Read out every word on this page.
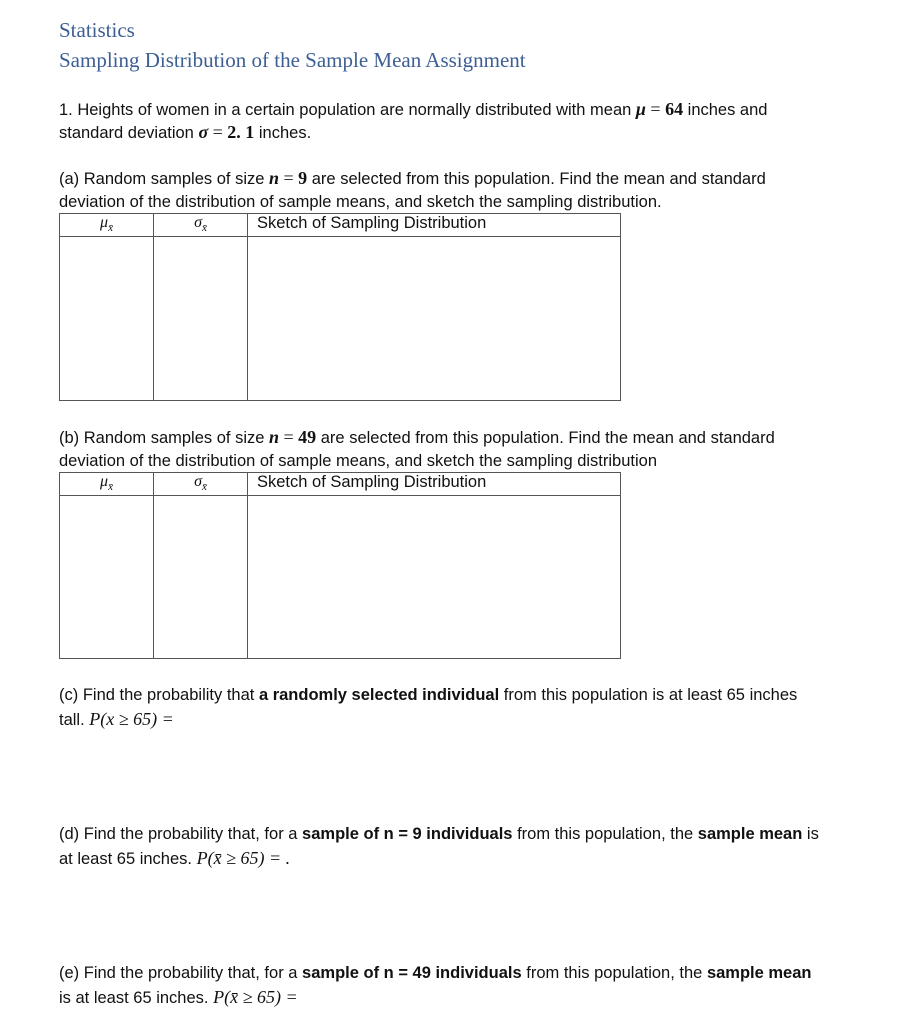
Statistics
Sampling Distribution of the Sample Mean Assignment
1. Heights of women in a certain population are normally distributed with mean μ = 64 inches and
standard deviation σ = 2. 1 inches.
(a) Random samples of size n = 9 are selected from this population. Find the mean and standard
deviation of the distribution of sample means, and sketch the sampling distribution.
$\mu_{x̄}$	$\sigma_{x̄}$	Sketch of Sampling Distribution

(b) Random samples of size n = 49 are selected from this population. Find the mean and standard
deviation of the distribution of sample means, and sketch the sampling distribution
$\mu_{x̄}$	$\sigma_{x̄}$	Sketch of Sampling Distribution

(c) Find the probability that a randomly selected individual from this population is at least 65 inches
tall. P(x ≥ 65) =
(d) Find the probability that, for a sample of n = 9 individuals from this population, the sample mean is
at least 65 inches. P(x̄ ≥ 65) = .
(e) Find the probability that, for a sample of n = 49 individuals from this population, the sample mean
is at least 65 inches. P(x̄ ≥ 65) =
